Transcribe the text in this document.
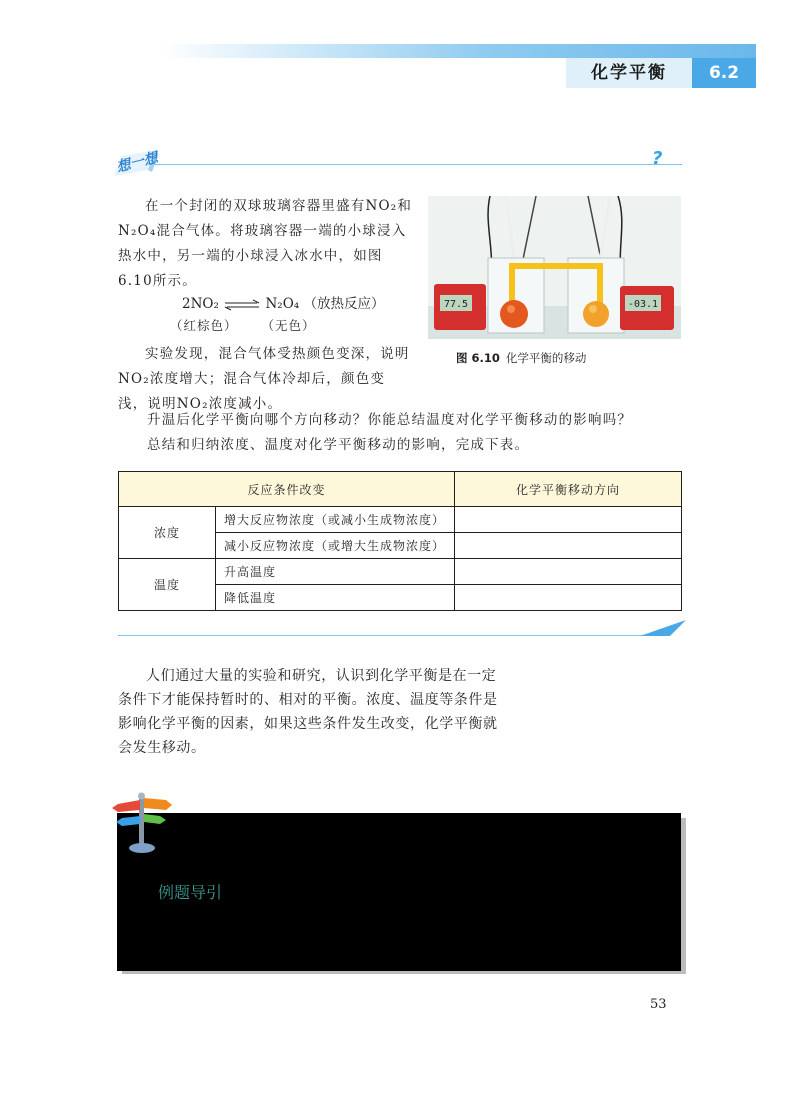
化学平衡	6.2
想一想	?
在一个封闭的双球玻璃容器里盛有NO₂和N₂O₄混合气体。将玻璃容器一端的小球浸入热水中，另一端的小球浸入冰水中，如图6.10所示。
2NO₂ ⇌ N₂O₄ （放热反应）
（红棕色） （无色）
实验发现，混合气体受热颜色变深，说明NO₂浓度增大；混合气体冷却后，颜色变浅，说明NO₂浓度减小。
77.5	-03.1
图 6.10 化学平衡的移动
升温后化学平衡向哪个方向移动？你能总结温度对化学平衡移动的影响吗？
总结和归纳浓度、温度对化学平衡移动的影响，完成下表。
反应条件改变		化学平衡移动方向
浓度	增大反应物浓度（或减小生成物浓度）	
	减小反应物浓度（或增大生成物浓度）	
温度	升高温度	
	降低温度	
人们通过大量的实验和研究，认识到化学平衡是在一定条件下才能保持暂时的、相对的平衡。浓度、温度等条件是影响化学平衡的因素，如果这些条件发生改变，化学平衡就会发生移动。
例题导引
53
